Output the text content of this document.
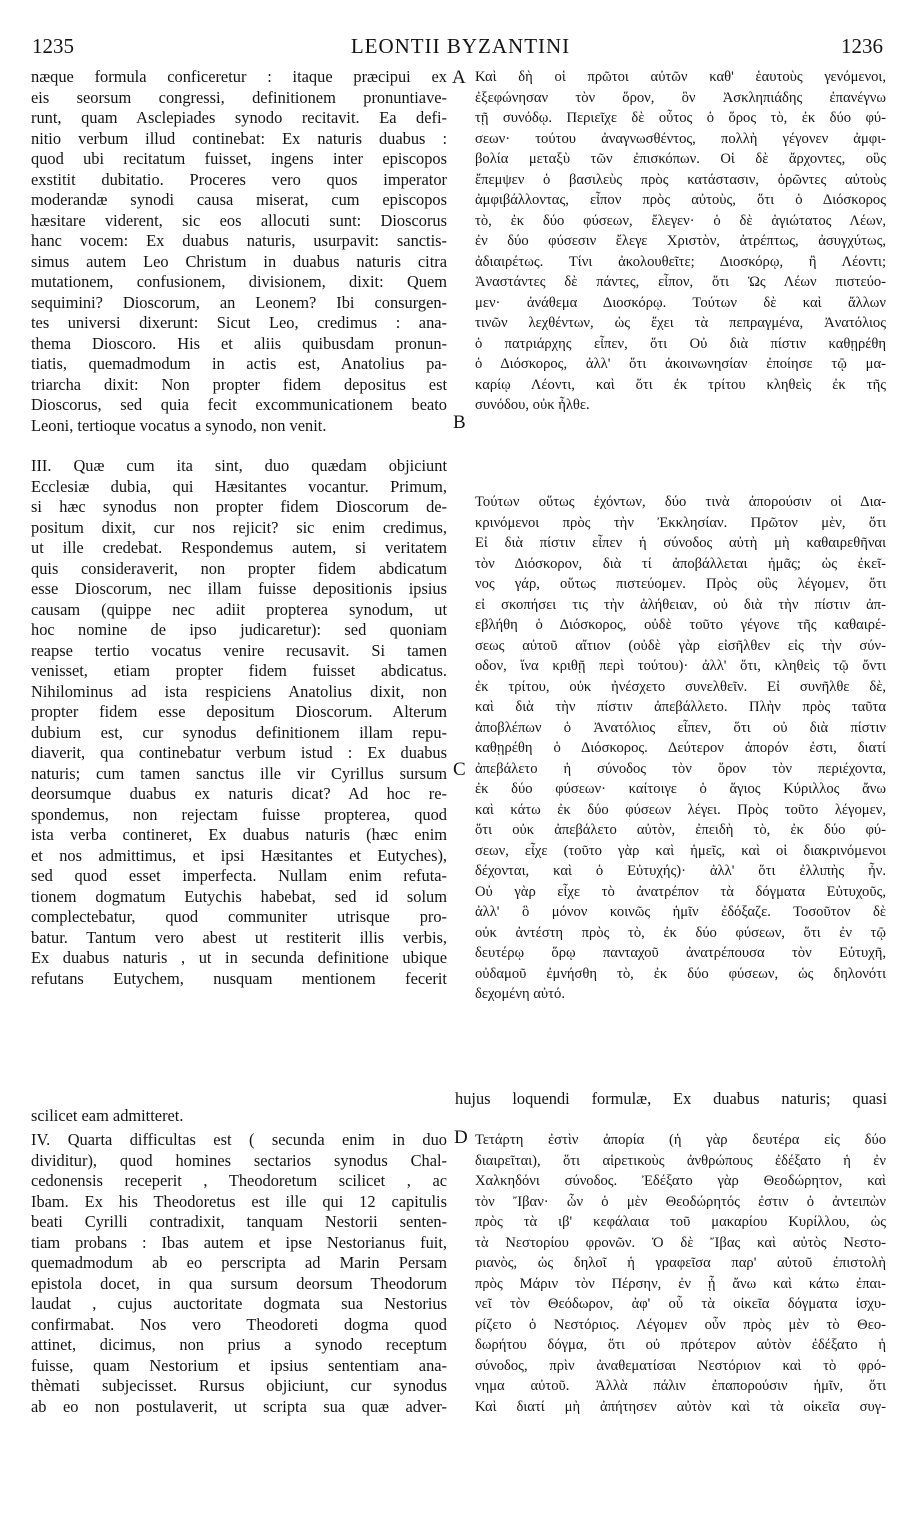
1235	LEONTII BYZANTINI	1236
A
B
C
D

næque formula conficeretur : itaque præcipui ex

eis seorsum congressi, definitionem pronuntiave-

runt, quam Asclepiades synodo recitavit. Ea defi-

nitio verbum illud continebat: Ex naturis duabus :

quod ubi recitatum fuisset, ingens inter episcopos

exstitit dubitatio. Proceres vero quos imperator

moderandæ synodi causa miserat, cum episcopos

hæsitare viderent, sic eos allocuti sunt: Dioscorus

hanc vocem: Ex duabus naturis, usurpavit: sanctis-

simus autem Leo Christum in duabus naturis citra

mutationem, confusionem, divisionem, dixit: Quem

sequimini? Dioscorum, an Leonem? Ibi consurgen-

tes universi dixerunt: Sicut Leo, credimus : ana-

thema Dioscoro. His et aliis quibusdam pronun-

tiatis, quemadmodum in actis est, Anatolius pa-

triarcha dixit: Non propter fidem depositus est

Dioscorus, sed quia fecit excommunicationem beato

Leoni, tertioque vocatus a synodo, non venit.

Καὶ δὴ οἱ πρῶτοι αὐτῶν καθ' ἑαυτοὺς γενόμενοι,

ἐξεφώνησαν τὸν ὅρον, ὃν Ἀσκληπιάδης ἐπανέγνω

τῇ συνόδῳ. Περιεῖχε δὲ οὗτος ὁ ὅρος τὸ, ἐκ δύο φύ-

σεων· τούτου ἀναγνωσθέντος, πολλὴ γέγονεν ἀμφι-

βολία μεταξὺ τῶν ἐπισκόπων. Οἱ δὲ ἄρχοντες, οὓς

ἔπεμψεν ὁ βασιλεὺς πρὸς κατάστασιν, ὁρῶντες αὐτοὺς

ἀμφιβάλλοντας, εἶπον πρὸς αὐτοὺς, ὅτι ὁ Διόσκορος

τὸ, ἐκ δύο φύσεων, ἔλεγεν· ὁ δὲ ἁγιώτατος Λέων,

ἐν δύο φύσεσιν ἔλεγε Χριστὸν, ἀτρέπτως, ἀσυγχύτως,

ἀδιαιρέτως. Τίνι ἀκολουθεῖτε; Διοσκόρῳ, ἢ Λέοντι;

Ἀναστάντες δὲ πάντες, εἶπον, ὅτι Ὡς Λέων πιστεύο-

μεν· ἀνάθεμα Διοσκόρῳ. Τούτων δὲ καὶ ἄλλων

τινῶν λεχθέντων, ὡς ἔχει τὰ πεπραγμένα, Ἀνατόλιος

ὁ πατριάρχης εἶπεν, ὅτι Οὐ διὰ πίστιν καθῃρέθη

ὁ Διόσκορος, ἀλλ' ὅτι ἀκοινωνησίαν ἐποίησε τῷ μα-

καρίῳ Λέοντι, καὶ ὅτι ἐκ τρίτου κληθεὶς ἐκ τῆς

συνόδου, οὐκ ἦλθε.

III. Quæ cum ita sint, duo quædam objiciunt

Ecclesiæ dubia, qui Hæsitantes vocantur. Primum,

si hæc synodus non propter fidem Dioscorum de-

positum dixit, cur nos rejicit? sic enim credimus,

ut ille credebat. Respondemus autem, si veritatem

quis consideraverit, non propter fidem abdicatum

esse Dioscorum, nec illam fuisse depositionis ipsius

causam (quippe nec adiit propterea synodum, ut

hoc nomine de ipso judicaretur): sed quoniam

reapse tertio vocatus venire recusavit. Si tamen

venisset, etiam propter fidem fuisset abdicatus.

Nihilominus ad ista respiciens Anatolius dixit, non

propter fidem esse depositum Dioscorum. Alterum

dubium est, cur synodus definitionem illam repu-

diaverit, qua continebatur verbum istud : Ex duabus

naturis; cum tamen sanctus ille vir Cyrillus sursum

deorsumque duabus ex naturis dicat? Ad hoc re-

spondemus, non rejectam fuisse propterea, quod

ista verba contineret, Ex duabus naturis (hæc enim

et nos admittimus, et ipsi Hæsitantes et Eutyches),

sed quod esset imperfecta. Nullam enim refuta-

tionem dogmatum Eutychis habebat, sed id solum

complectebatur, quod communiter utrisque pro-

batur. Tantum vero abest ut restiterit illis verbis,

Ex duabus naturis , ut in secunda definitione ubique

refutans Eutychem, nusquam mentionem fecerit

Τούτων οὕτως ἐχόντων, δύο τινὰ ἀπορούσιν οἱ Δια-

κρινόμενοι πρὸς τὴν Ἐκκλησίαν. Πρῶτον μὲν, ὅτι

Εἰ διὰ πίστιν εἶπεν ἡ σύνοδος αὐτὴ μὴ καθαιρεθῆναι

τὸν Διόσκορον, διὰ τί ἀποβάλλεται ἡμᾶς; ὡς ἐκεῖ-

νος γάρ, οὕτως πιστεύομεν. Πρὸς οὓς λέγομεν, ὅτι

εἰ σκοπήσει τις τὴν ἀλήθειαν, οὐ διὰ τὴν πίστιν ἀπ-

εβλήθη ὁ Διόσκορος, οὐδὲ τοῦτο γέγονε τῆς καθαιρέ-

σεως αὐτοῦ αἴτιον (οὐδὲ γὰρ εἰσῆλθεν εἰς τὴν σύν-

οδον, ἵνα κριθῇ περὶ τούτου)· ἀλλ' ὅτι, κληθεὶς τῷ ὄντι

ἐκ τρίτου, οὐκ ἠνέσχετο συνελθεῖν. Εἰ συνῆλθε δὲ,

καὶ διὰ τὴν πίστιν ἀπεβάλλετο. Πλὴν πρὸς ταῦτα

ἀποβλέπων ὁ Ἀνατόλιος εἶπεν, ὅτι οὐ διὰ πίστιν

καθῃρέθη ὁ Διόσκορος. Δεύτερον ἀπορόν ἐστι, διατί

ἀπεβάλετο ἡ σύνοδος τὸν ὅρον τὸν περιέχοντα,

ἐκ δύο φύσεων· καίτοιγε ὁ ἅγιος Κύριλλος ἄνω

καὶ κάτω ἐκ δύο φύσεων λέγει. Πρὸς τοῦτο λέγομεν,

ὅτι οὐκ ἀπεβάλετο αὐτὸν, ἐπειδὴ τὸ, ἐκ δύο φύ-

σεων, εἶχε (τοῦτο γὰρ καὶ ἡμεῖς, καὶ οἱ διακρινόμενοι

δέχονται, καὶ ὁ Εὐτυχής)· ἀλλ' ὅτι ἐλλιπὴς ἦν.

Οὐ γὰρ εἶχε τὸ ἀνατρέπον τὰ δόγματα Εὐτυχοῦς,

ἀλλ' ὃ μόνον κοινῶς ἡμῖν ἐδόξαζε. Τοσοῦτον δὲ

οὐκ ἀντέστη πρὸς τὸ, ἐκ δύο φύσεων, ὅτι ἐν τῷ

δευτέρῳ ὅρῳ πανταχοῦ ἀνατρέπουσα τὸν Εὐτυχῆ,

οὐδαμοῦ ἐμνήσθη τὸ, ἐκ δύο φύσεων, ὡς δηλονότι

δεχομένη αὐτό.

hujus loquendi formulæ, Ex duabus naturis; quasi
scilicet eam admitteret.

IV. Quarta difficultas est ( secunda enim in duo

dividitur), quod homines sectarios synodus Chal-

cedonensis receperit , Theodoretum scilicet , ac

Ibam. Ex his Theodoretus est ille qui 12 capitulis

beati Cyrilli contradixit, tanquam Nestorii senten-

tiam probans : Ibas autem et ipse Nestorianus fuit,

quemadmodum ab eo perscripta ad Marin Persam

epistola docet, in qua sursum deorsum Theodorum

laudat , cujus auctoritate dogmata sua Nestorius

confirmabat. Nos vero Theodoreti dogma quod

attinet, dicimus, non prius a synodo receptum

fuisse, quam Nestorium et ipsius sententiam ana-

thèmati subjecisset. Rursus objiciunt, cur synodus

ab eo non postulaverit, ut scripta sua quæ adver-

Τετάρτη ἐστὶν ἀπορία (ἡ γὰρ δευτέρα εἰς δύο

διαιρεῖται), ὅτι αἱρετικοὺς ἀνθρώπους ἐδέξατο ἡ ἐν

Χαλκηδόνι σύνοδος. Ἐδέξατο γὰρ Θεοδώρητον, καὶ

τὸν Ἴβαν· ὧν ὁ μὲν Θεοδώρητός ἐστιν ὁ ἀντειπὼν

πρὸς τὰ ιβ' κεφάλαια τοῦ μακαρίου Κυρίλλου, ὡς

τὰ Νεστορίου φρονῶν. Ὁ δὲ Ἴβας καὶ αὐτὸς Νεστο-

ριανὸς, ὡς δηλοῖ ἡ γραφεῖσα παρ' αὐτοῦ ἐπιστολὴ

πρὸς Μάριν τὸν Πέρσην, ἐν ᾗ ἄνω καὶ κάτω ἐπαι-

νεῖ τὸν Θεόδωρον, ἀφ' οὗ τὰ οἰκεῖα δόγματα ἰσχυ-

ρίζετο ὁ Νεστόριος. Λέγομεν οὖν πρὸς μὲν τὸ Θεο-

δωρήτου δόγμα, ὅτι οὐ πρότερον αὐτὸν ἐδέξατο ἡ

σύνοδος, πρὶν ἀναθεματίσαι Νεστόριον καὶ τὸ φρό-

νημα αὐτοῦ. Ἀλλὰ πάλιν ἐπαπορούσιν ἡμῖν, ὅτι

Καὶ διατί μὴ ἀπήτησεν αὐτὸν καὶ τὰ οἰκεῖα συγ-
